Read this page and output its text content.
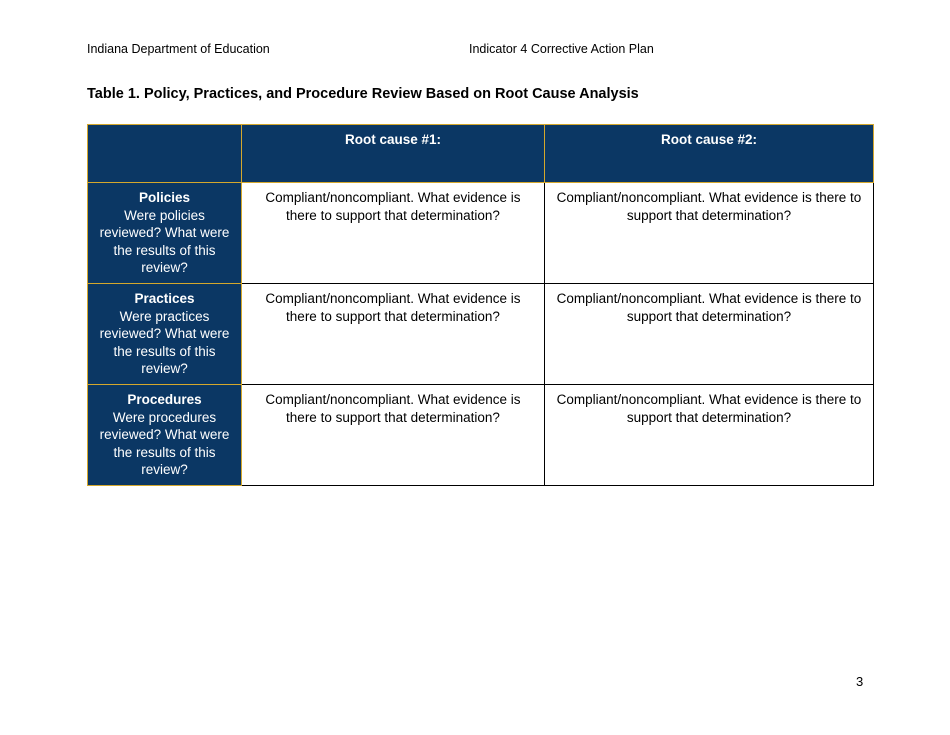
Indiana Department of Education	Indicator 4 Corrective Action Plan
Table 1. Policy, Practices, and Procedure Review Based on Root Cause Analysis
	Root cause #1:	Root cause #2:

Policies
Were policies reviewed? What were the results of this review?	Compliant/noncompliant. What evidence is there to support that determination?	Compliant/noncompliant. What evidence is there to support that determination?

Practices
Were practices reviewed? What were the results of this review?	Compliant/noncompliant. What evidence is there to support that determination?	Compliant/noncompliant. What evidence is there to support that determination?

Procedures
Were procedures reviewed? What were the results of this review?	Compliant/noncompliant. What evidence is there to support that determination?	Compliant/noncompliant. What evidence is there to support that determination?
3
